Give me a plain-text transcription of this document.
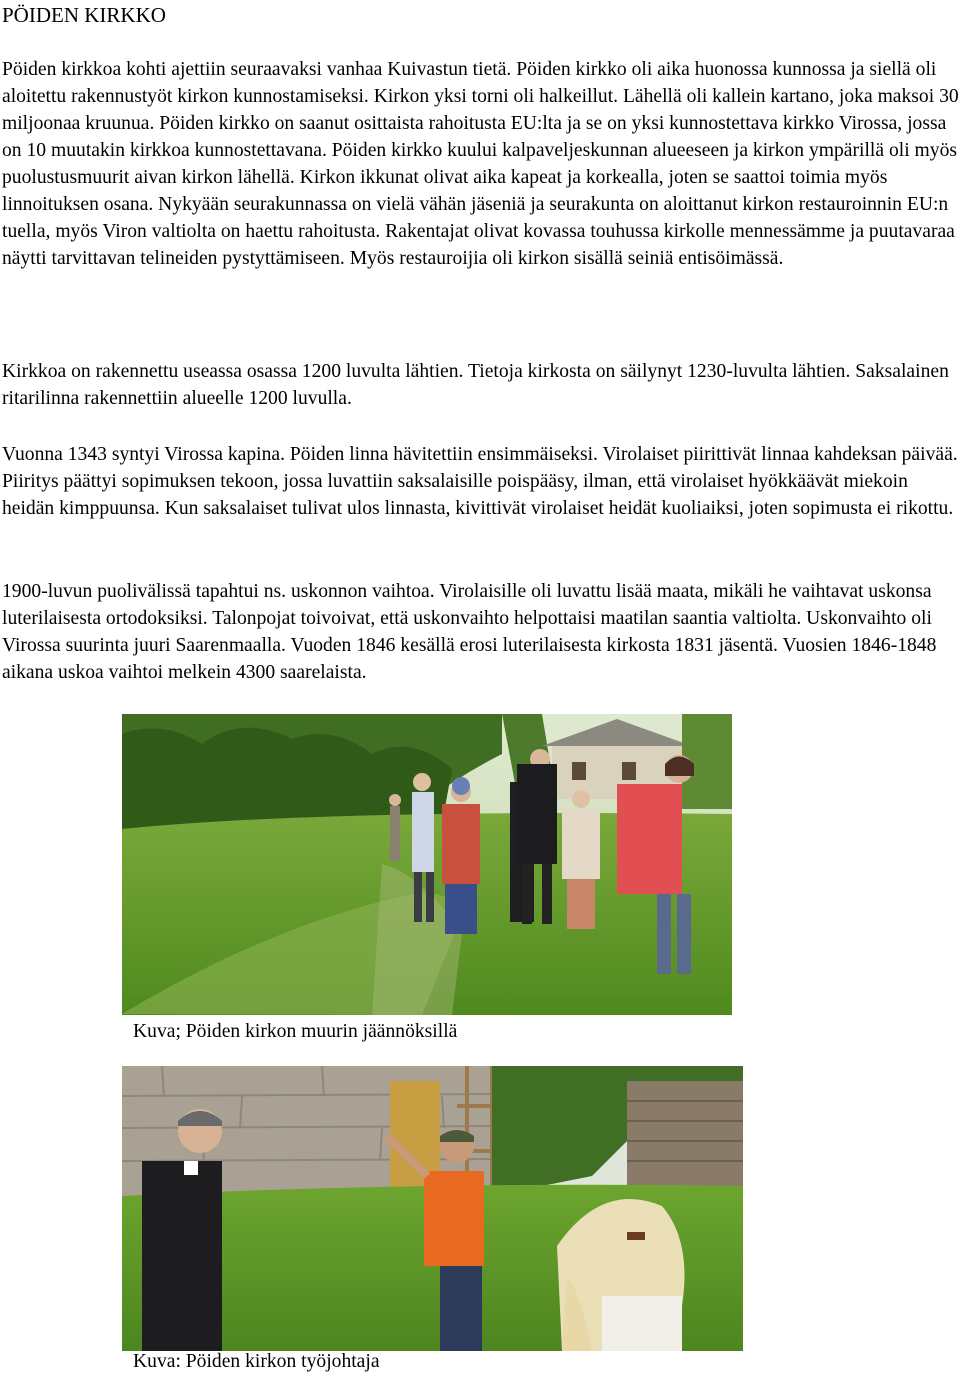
PÖIDEN KIRKKO

Pöiden kirkkoa kohti ajettiin seuraavaksi vanhaa Kuivastun tietä. Pöiden kirkko oli aika huonossa kunnossa ja siellä oli aloitettu rakennustyöt kirkon kunnostamiseksi. Kirkon yksi torni oli halkeillut. Lähellä oli kallein kartano, joka maksoi 30 miljoonaa kruunua. Pöiden kirkko on saanut osittaista rahoitusta EU:lta ja se on yksi kunnostettava kirkko Virossa, jossa on 10 muutakin kirkkoa kunnostettavana. Pöiden kirkko kuului kalpaveljeskunnan alueeseen ja kirkon ympärillä oli myös puolustusmuurit aivan kirkon lähellä. Kirkon ikkunat olivat aika kapeat ja korkealla, joten se saattoi toimia myös linnoituksen osana. Nykyään seurakunnassa on vielä vähän jäseniä ja seurakunta on aloittanut kirkon restauroinnin EU:n tuella, myös Viron valtiolta on haettu rahoitusta. Rakentajat olivat kovassa touhussa kirkolle mennessämme ja puutavaraa näytti tarvittavan telineiden pystyttämiseen. Myös restauroijia oli kirkon sisällä seiniä entisöimässä.

Kirkkoa on rakennettu useassa osassa 1200 luvulta lähtien. Tietoja kirkosta on säilynyt 1230-luvulta lähtien. Saksalainen ritarilinna rakennettiin alueelle 1200 luvulla.

Vuonna 1343 syntyi Virossa kapina. Pöiden linna hävitettiin ensimmäiseksi. Virolaiset piirittivät linnaa kahdeksan päivää. Piiritys päättyi sopimuksen tekoon, jossa luvattiin saksalaisille poispääsy, ilman, että virolaiset hyökkäävät miekoin heidän kimppuunsa. Kun saksalaiset tulivat ulos linnasta, kivittivät virolaiset heidät kuoliaiksi, joten sopimusta ei rikottu.

1900-luvun puolivälissä tapahtui ns. uskonnon vaihtoa. Virolaisille oli luvattu lisää maata, mikäli he vaihtavat uskonsa luterilaisesta ortodoksiksi. Talonpojat toivoivat, että uskonvaihto helpottaisi maatilan saantia valtiolta. Uskonvaihto oli Virossa suurinta juuri Saarenmaalla. Vuoden 1846 kesällä erosi luterilaisesta kirkosta 1831 jäsentä. Vuosien 1846-1848 aikana uskoa vaihtoi melkein 4300 saarelaista.

Kuva; Pöiden kirkon muurin jäännöksillä

Kuva: Pöiden kirkon työjohtaja
